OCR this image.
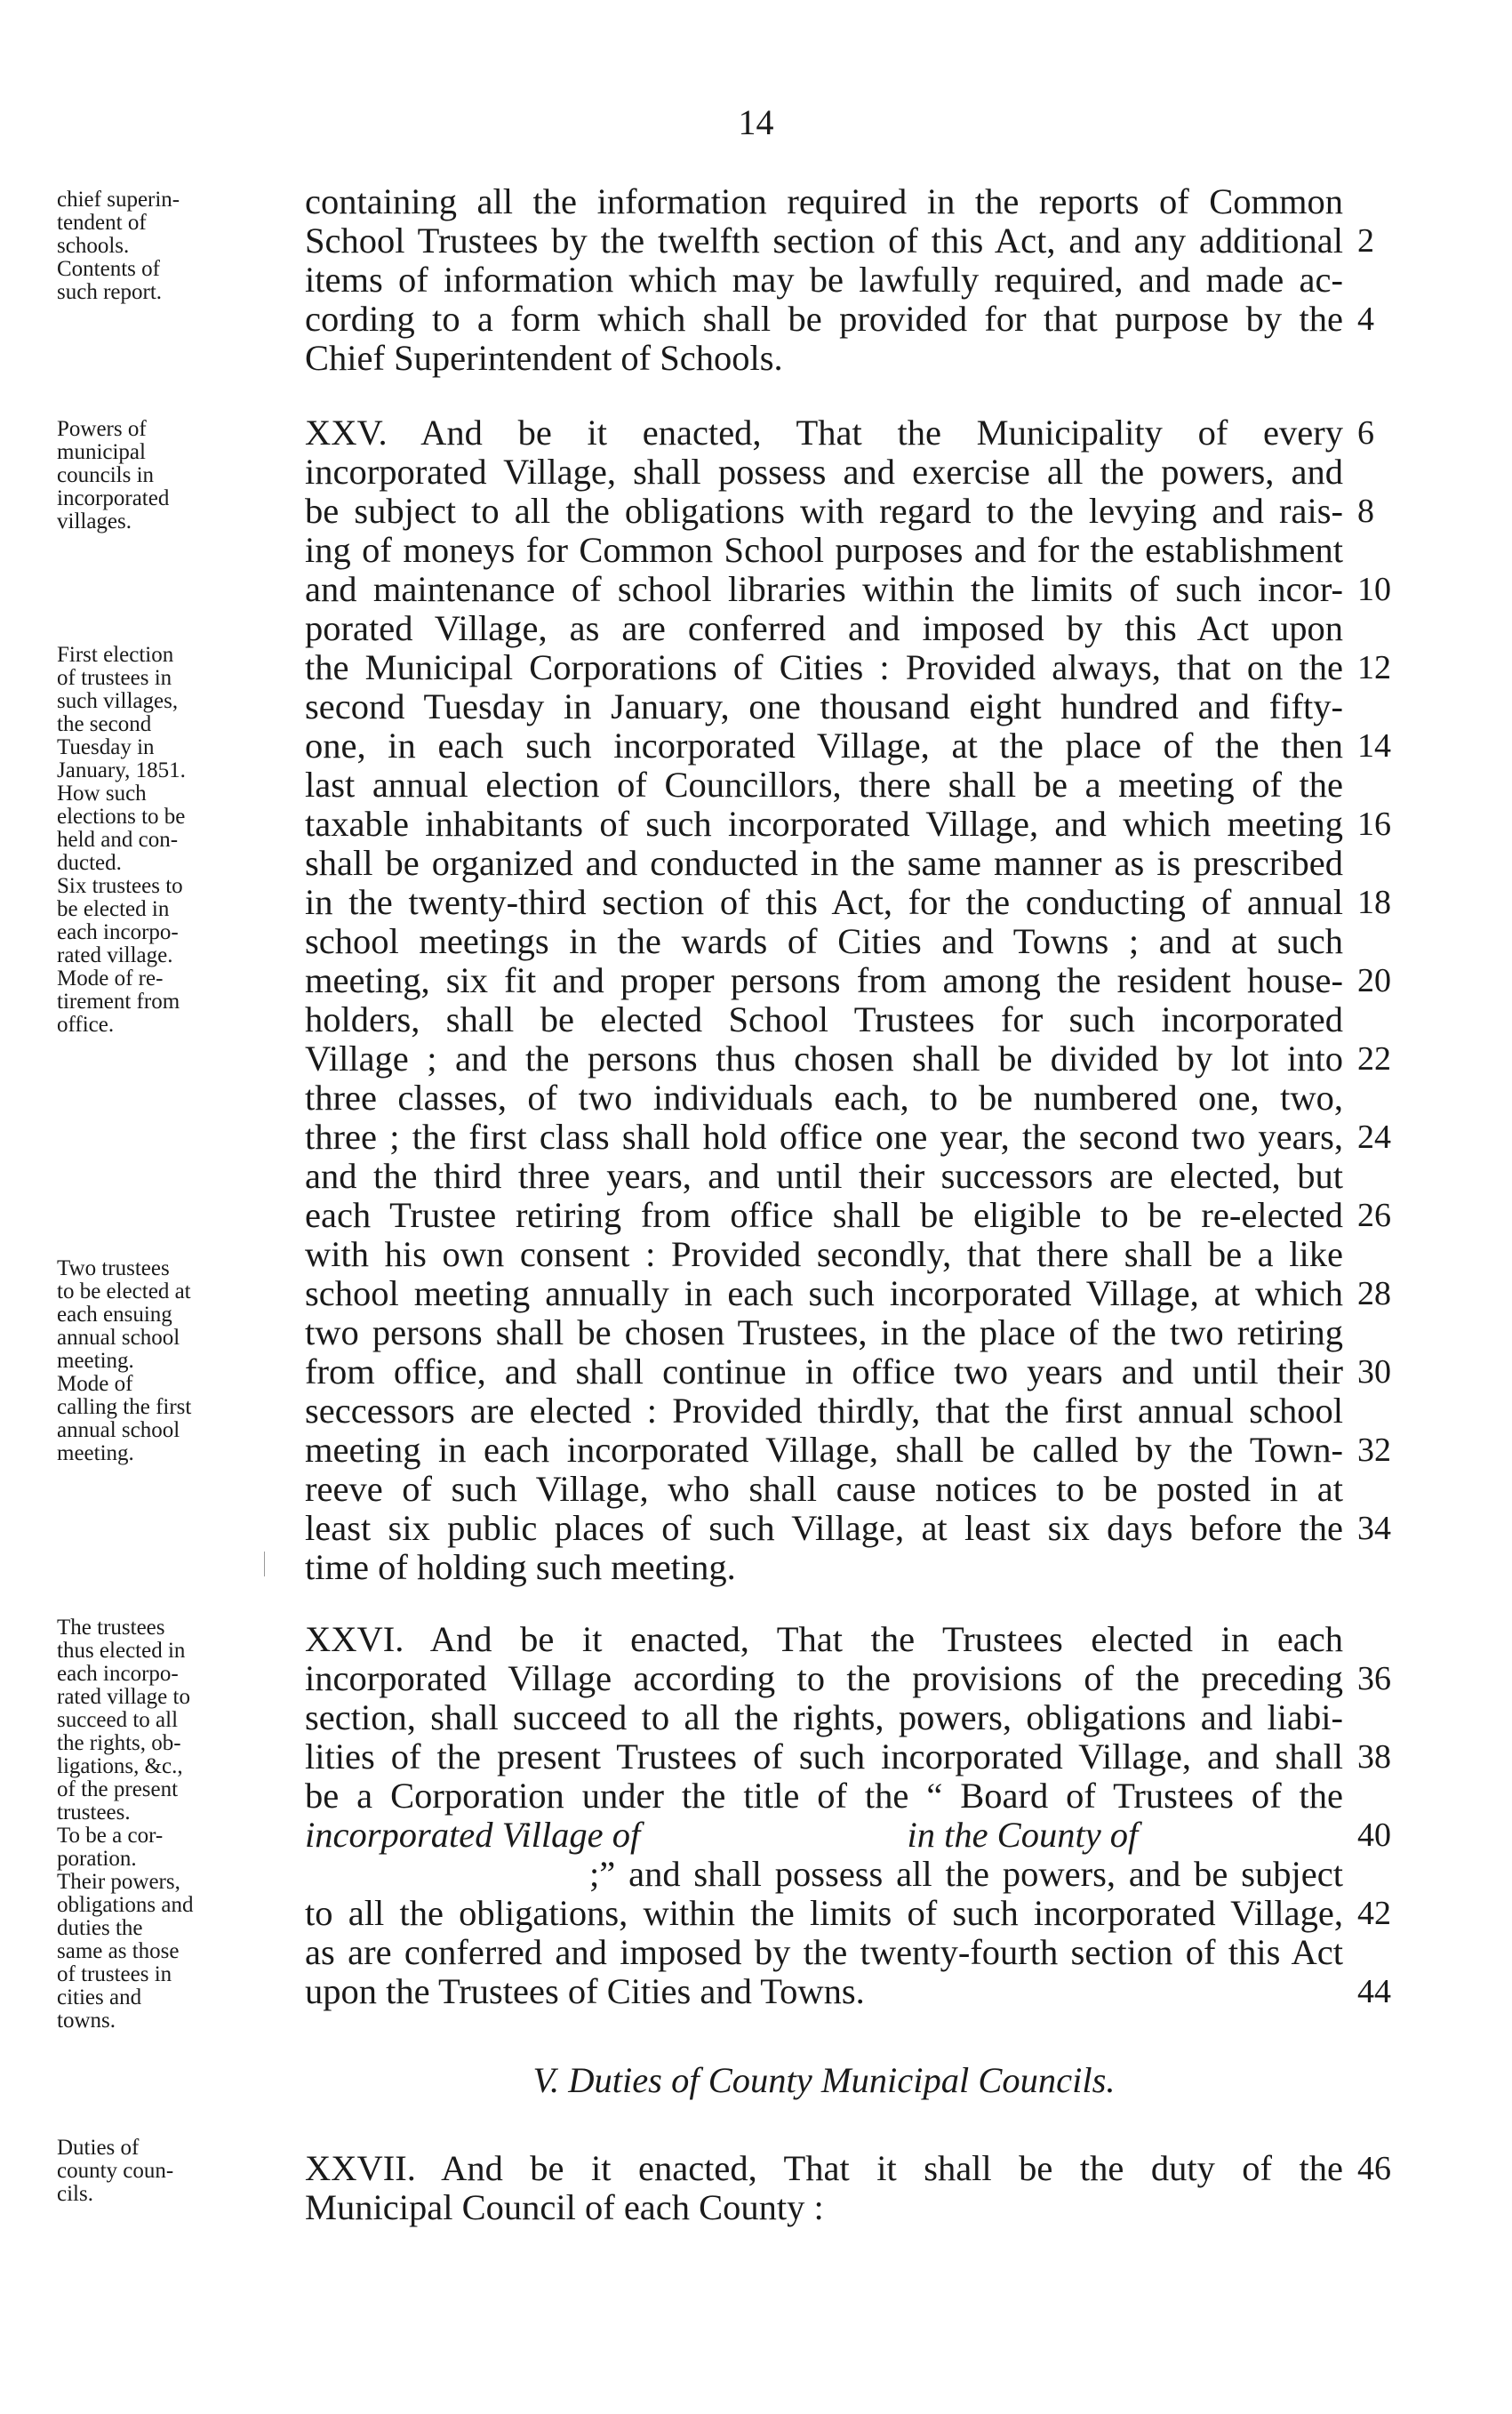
14
containing all the information required in the reports of Common
School Trustees by the twelfth section of this Act, and any additional
items of information which may be lawfully required, and made ac-
cording to a form which shall be provided for that purpose by the
Chief Superintendent of Schools.
XXV. And be it enacted, That the Municipality of every
incorporated Village, shall possess and exercise all the powers, and
be subject to all the obligations with regard to the levying and rais-
ing of moneys for Common School purposes and for the establishment
and maintenance of school libraries within the limits of such incor-
porated Village, as are conferred and imposed by this Act upon
the Municipal Corporations of Cities : Provided always, that on the
second Tuesday in January, one thousand eight hundred and fifty-
one, in each such incorporated Village, at the place of the then
last annual election of Councillors, there shall be a meeting of the
taxable inhabitants of such incorporated Village, and which meeting
shall be organized and conducted in the same manner as is prescribed
in the twenty-third section of this Act, for the conducting of annual
school meetings in the wards of Cities and Towns ; and at such
meeting, six fit and proper persons from among the resident house-
holders, shall be elected School Trustees for such incorporated
Village ; and the persons thus chosen shall be divided by lot into
three classes, of two individuals each, to be numbered one, two,
three ; the first class shall hold office one year, the second two years,
and the third three years, and until their successors are elected, but
each Trustee retiring from office shall be eligible to be re-elected
with his own consent : Provided secondly, that there shall be a like
school meeting annually in each such incorporated Village, at which
two persons shall be chosen Trustees, in the place of the two retiring
from office, and shall continue in office two years and until their
seccessors are elected : Provided thirdly, that the first annual school
meeting in each incorporated Village, shall be called by the Town-
reeve of such Village, who shall cause notices to be posted in at
least six public places of such Village, at least six days before the
time of holding such meeting.
XXVI. And be it enacted, That the Trustees elected in each
incorporated Village according to the provisions of the preceding
section, shall succeed to all the rights, powers, obligations and liabi-
lities of the present Trustees of such incorporated Village, and shall
be a Corporation under the title of the “ Board of Trustees of the
incorporated Village of	in the County of
;” and shall possess all the powers, and be subject
to all the obligations, within the limits of such incorporated Village,
as are conferred and imposed by the twenty-fourth section of this Act
upon the Trustees of Cities and Towns.
V. Duties of County Municipal Councils.
XXVII. And be it enacted, That it shall be the duty of the
Municipal Council of each County :
2
4
6
8
10
12
14
16
18
20
22
24
26
28
30
32
34
36
38
40
42
44
46
chief superin-
tendent of
schools.
Contents of
such report.
Powers of
municipal
councils in
incorporated
villages.
First election
of trustees in
such villages,
the second
Tuesday in
January, 1851.
How such
elections to be
held and con-
ducted.
Six trustees to
be elected in
each incorpo-
rated village.
Mode of re-
tirement from
office.
Two trustees
to be elected at
each ensuing
annual school
meeting.
Mode of
calling the first
annual school
meeting.
The trustees
thus elected in
each incorpo-
rated village to
succeed to all
the rights, ob-
ligations, &c.,
of the present
trustees.
To be a cor-
poration.
Their powers,
obligations and
duties the
same as those
of trustees in
cities and
towns.
Duties of
county coun-
cils.
